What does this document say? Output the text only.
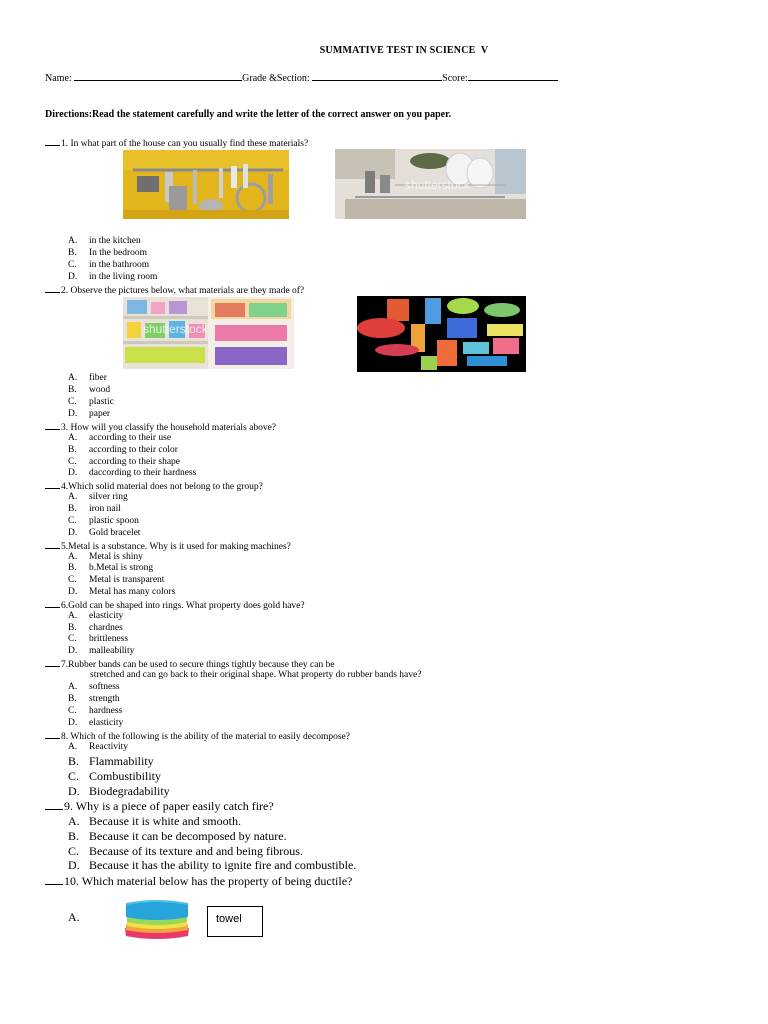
SUMMATIVE TEST IN SCIENCE V
Name:	Grade &Section:	Score:
Directions:Read the statement carefully and write the letter of the correct answer on you paper.
1. In what part of the house can you usually find these materials?
shutterstock
A.	in the kitchen
B.	In the bedroom
C.	in the bathroom
D.	in the living room
2. Observe the pictures below, what materials are they made of?
shutterstock
A.	fiber
B.	wood
C.	plastic
D.	paper
3. How will you classify the household materials above?
A.	according to their use
B.	according to their color
C.	according to their shape
D.	daccording to their hardness
4.Which solid material does not belong to the group?
A.	silver ring
B.	iron nail
C.	plastic spoon
D.	Gold bracelet
5.Metal is a substance. Why is it used for making machines?
A.	Metal is shiny
B.	b.Metal is strong
C.	Metal is transparent
D.	Metal has many colors
6.Gold can be shaped into rings. What property does gold have?
A.	elasticity
B.	chardnes
C.	brittleness
D.	malleability
7.Rubber bands can be used to secure things tightly because they can be
stretched and can go back to their original shape. What property do rubber bands have?
A.	softness
B.	strength
C.	hardness
D.	elasticity
8. Which of the following is the ability of the material to easily decompose?
A.	Reactivity
B. Flammability
C. Combustibility
D. Biodegradability
9. Why is a piece of paper easily catch fire?
A. Because it is white and smooth.
B. Because it can be decomposed by nature.
C. Because of its texture and and being fibrous.
D. Because it has the ability to ignite fire and combustible.
10. Which material below has the property of being ductile?
A.	towel
